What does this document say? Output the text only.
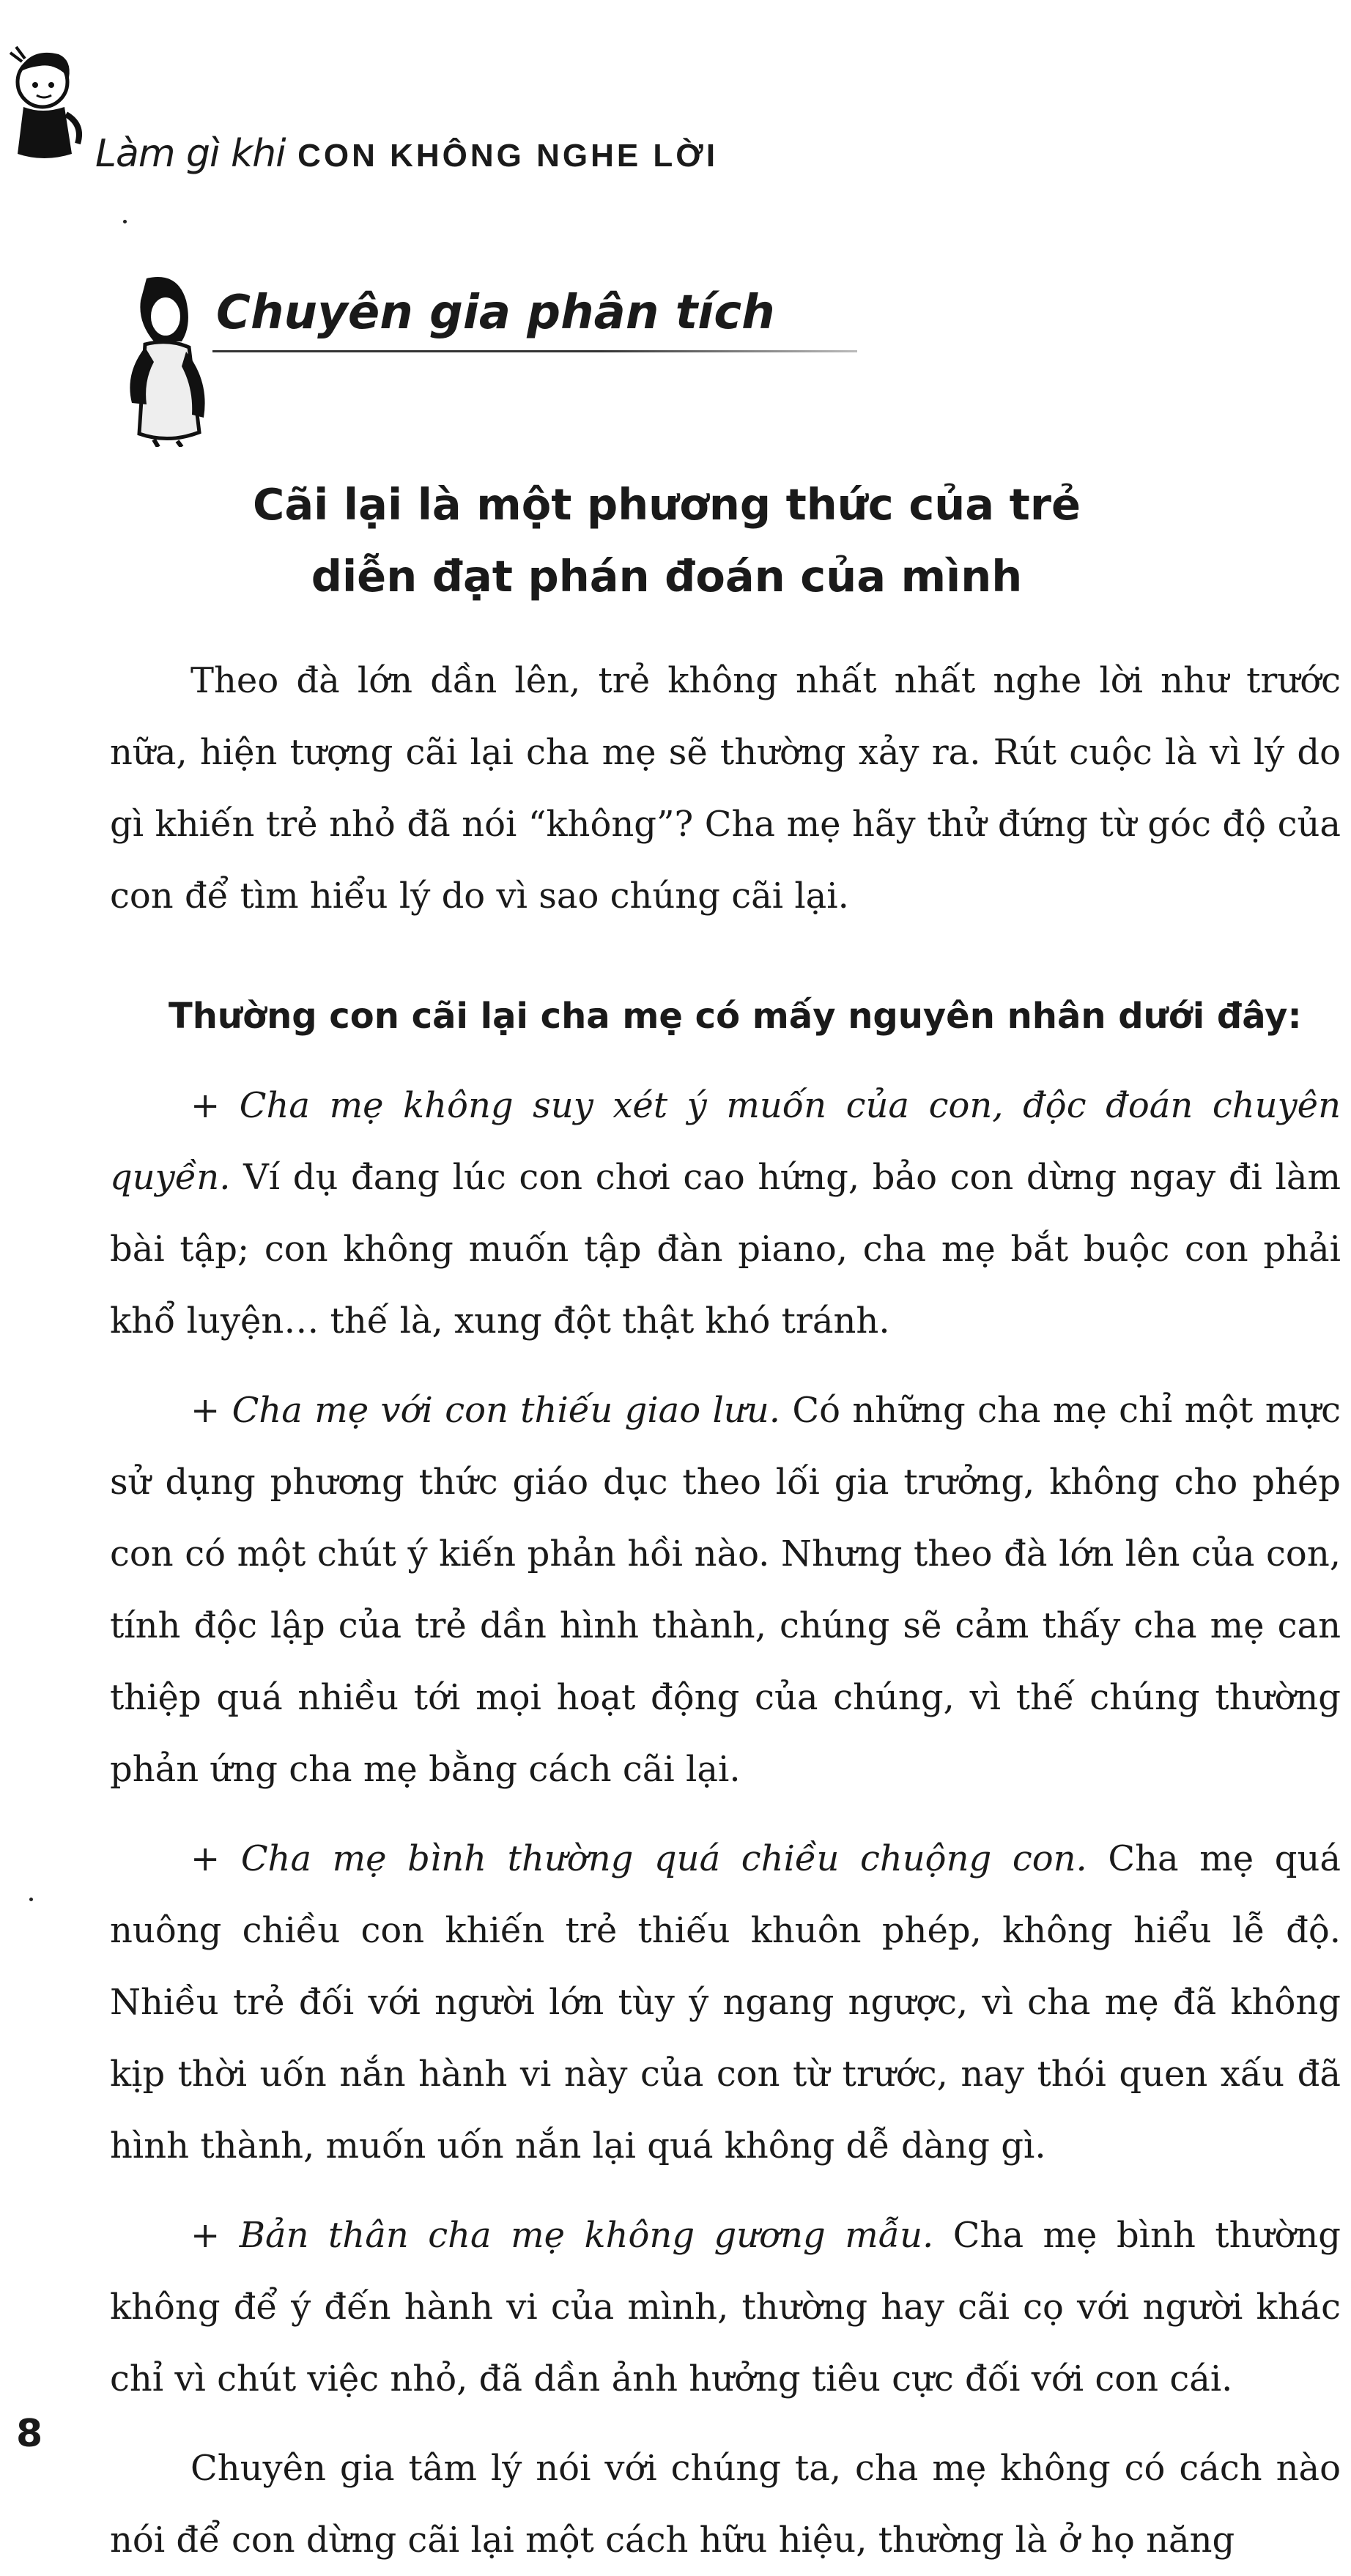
Làm gì khi CON KHÔNG NGHE LỜI
Chuyên gia phân tích
Cãi lại là một phương thức của trẻ
diễn đạt phán đoán của mình

Theo đà lớn dần lên, trẻ không nhất nhất nghe lời như trước nữa, hiện tượng cãi lại cha mẹ sẽ thường xảy ra. Rút cuộc là vì lý do gì khiến trẻ nhỏ đã nói “không”? Cha mẹ hãy thử đứng từ góc độ của con để tìm hiểu lý do vì sao chúng cãi lại.

Thường con cãi lại cha mẹ có mấy nguyên nhân dưới đây:

+ Cha mẹ không suy xét ý muốn của con, độc đoán chuyên quyền. Ví dụ đang lúc con chơi cao hứng, bảo con dừng ngay đi làm bài tập; con không muốn tập đàn piano, cha mẹ bắt buộc con phải khổ luyện… thế là, xung đột thật khó tránh.

+ Cha mẹ với con thiếu giao lưu. Có những cha mẹ chỉ một mực sử dụng phương thức giáo dục theo lối gia trưởng, không cho phép con có một chút ý kiến phản hồi nào. Nhưng theo đà lớn lên của con, tính độc lập của trẻ dần hình thành, chúng sẽ cảm thấy cha mẹ can thiệp quá nhiều tới mọi hoạt động của chúng, vì thế chúng thường phản ứng cha mẹ bằng cách cãi lại.

+ Cha mẹ bình thường quá chiều chuộng con. Cha mẹ quá nuông chiều con khiến trẻ thiếu khuôn phép, không hiểu lễ độ. Nhiều trẻ đối với người lớn tùy ý ngang ngược, vì cha mẹ đã không kịp thời uốn nắn hành vi này của con từ trước, nay thói quen xấu đã hình thành, muốn uốn nắn lại quá không dễ dàng gì.

+ Bản thân cha mẹ không gương mẫu. Cha mẹ bình thường không để ý đến hành vi của mình, thường hay cãi cọ với người khác chỉ vì chút việc nhỏ, đã dần ảnh hưởng tiêu cực đối với con cái.

Chuyên gia tâm lý nói với chúng ta, cha mẹ không có cách nào nói để con dừng cãi lại một cách hữu hiệu, thường là ở họ năng

8
